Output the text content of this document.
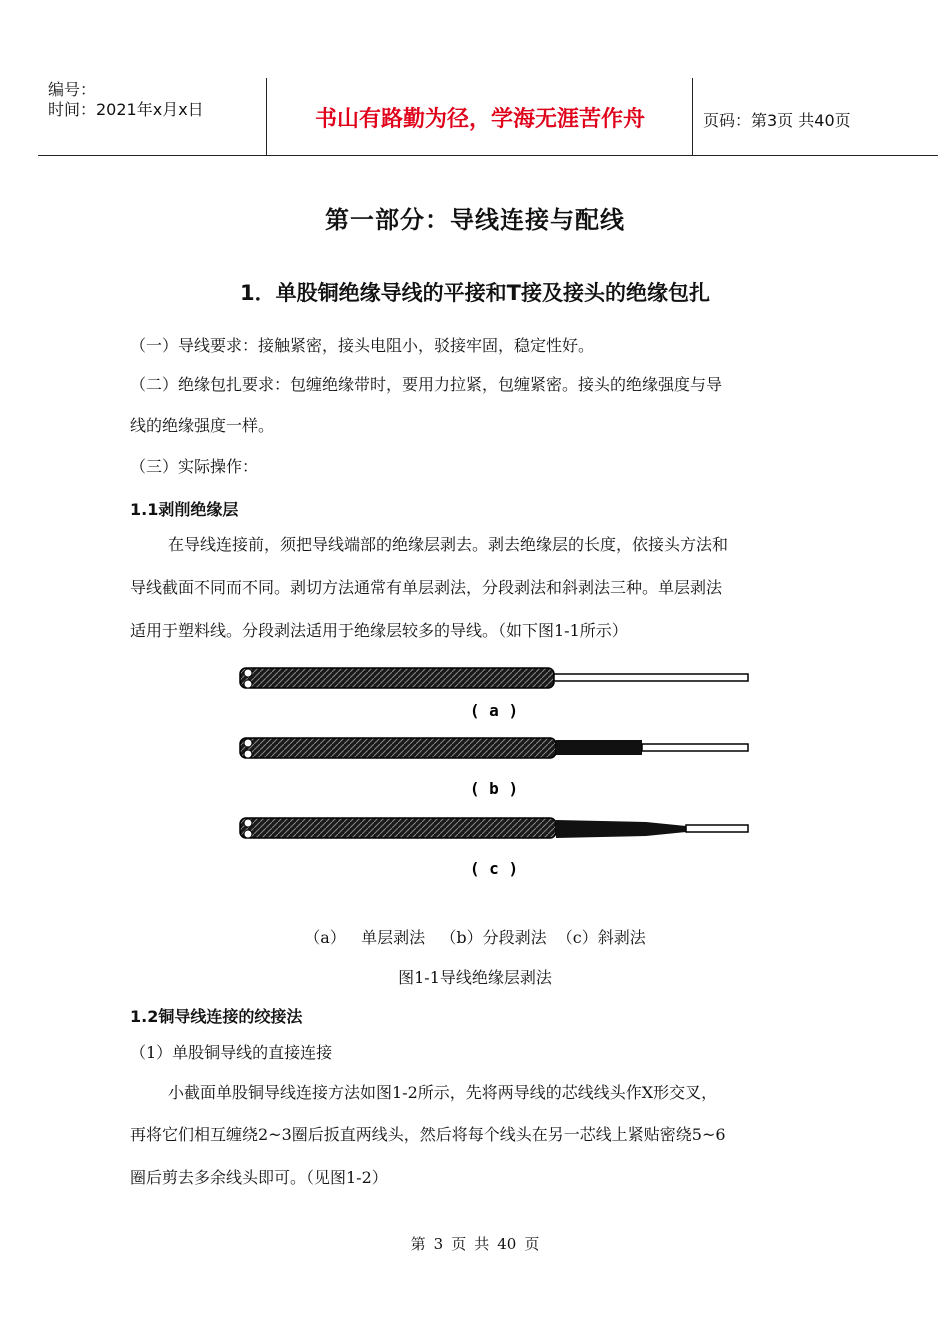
编号：
时间：2021年x月x日	书山有路勤为径，学海无涯苦作舟	页码：第3页 共40页
第一部分：导线连接与配线
1．单股铜绝缘导线的平接和T接及接头的绝缘包扎
（一）导线要求：接触紧密，接头电阻小，驳接牢固，稳定性好。
（二）绝缘包扎要求：包缠绝缘带时，要用力拉紧，包缠紧密。接头的绝缘强度与导
线的绝缘强度一样。
（三）实际操作：
1.1剥削绝缘层
在导线连接前，须把导线端部的绝缘层剥去。剥去绝缘层的长度，依接头方法和
导线截面不同而不同。剥切方法通常有单层剥法，分段剥法和斜剥法三种。单层剥法
适用于塑料线。分段剥法适用于绝缘层较多的导线。（如下图1-1所示）
( a )
( b )
( c )
（a）   单层剥法   （b）分段剥法  （c）斜剥法
图1-1导线绝缘层剥法
1.2铜导线连接的绞接法
（1）单股铜导线的直接连接
小截面单股铜导线连接方法如图1-2所示，先将两导线的芯线线头作X形交叉，
再将它们相互缠绕2~3圈后扳直两线头，然后将每个线头在另一芯线上紧贴密绕5~6
圈后剪去多余线头即可。（见图1-2）
第 3 页 共 40 页
